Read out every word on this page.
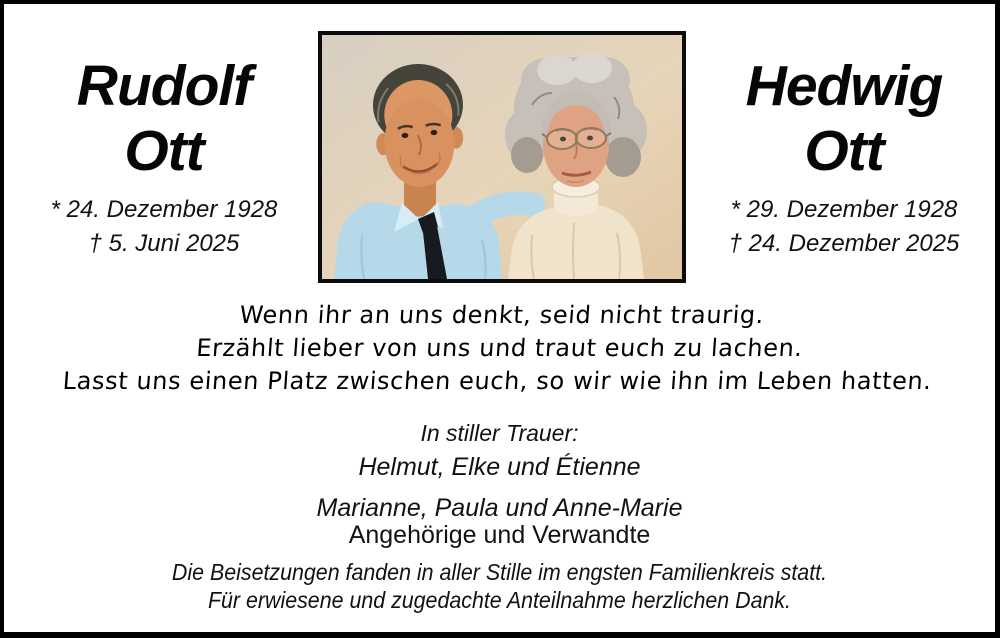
Rudolf
Ott
Hedwig
Ott
* 24. Dezember 1928
† 5. Juni 2025
* 29. Dezember 1928
† 24. Dezember 2025
Wenn ihr an uns denkt, seid nicht traurig.
Erzählt lieber von uns und traut euch zu lachen.
Lasst uns einen Platz zwischen euch, so wir wie ihn im Leben hatten.
In stiller Trauer:
Helmut, Elke und Étienne
Marianne, Paula und Anne-Marie
Angehörige und Verwandte
Die Beisetzungen fanden in aller Stille im engsten Familienkreis statt.
Für erwiesene und zugedachte Anteilnahme herzlichen Dank.
